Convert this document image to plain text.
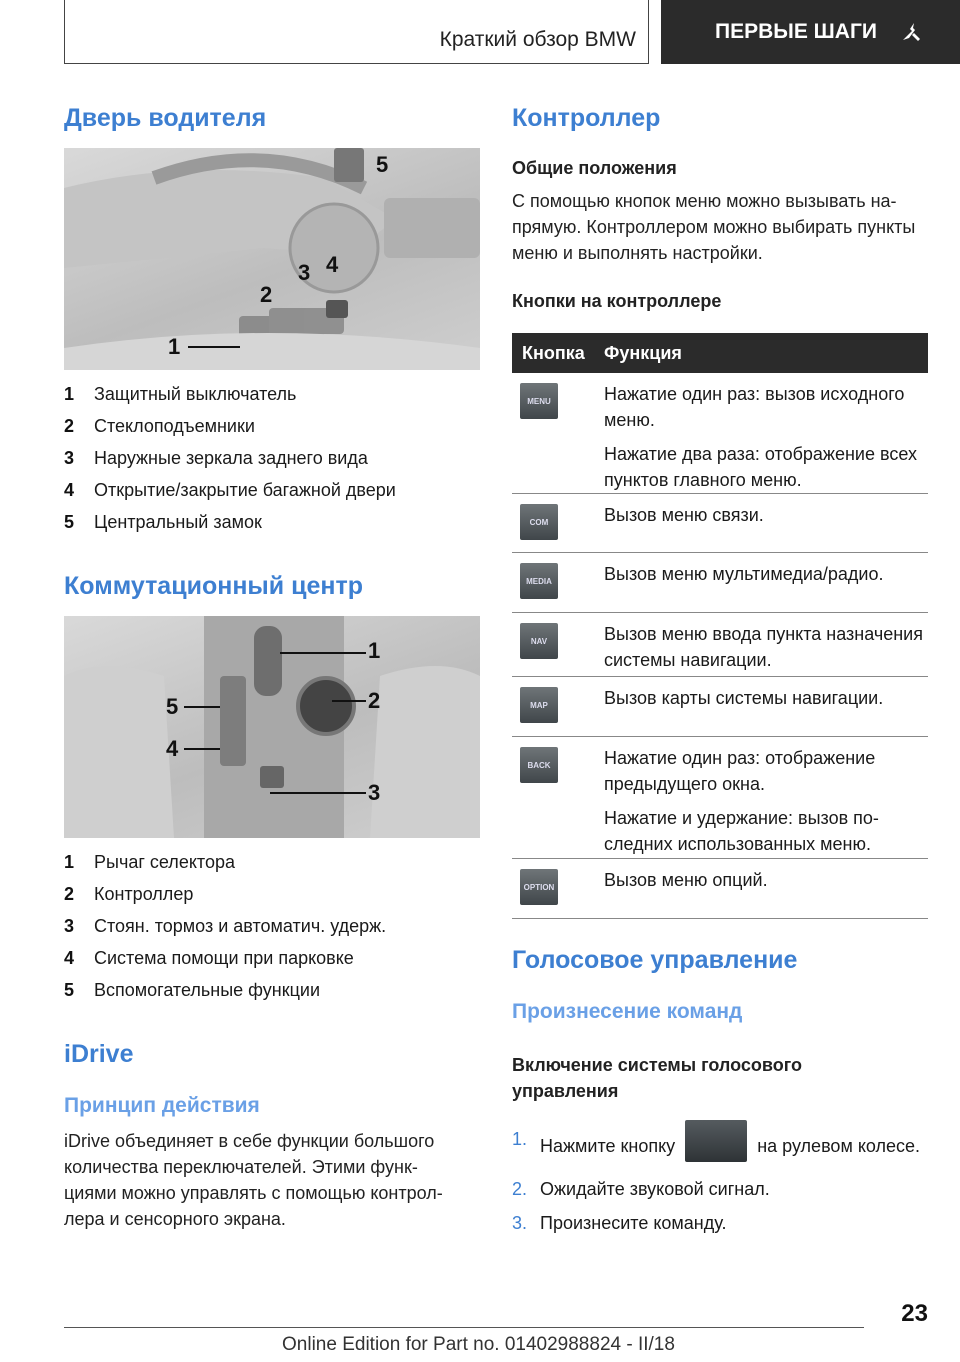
Краткий обзор BMW	ПЕРВЫЕ ШАГИ
Дверь водителя
1
2
3 4
5
1	Защитный выключатель
2	Стеклоподъемники
3	Наружные зеркала заднего вида
4	Открытие/закрытие багажной двери
5	Центральный замок
Коммутационный центр
1
2
3
4
5
1	Рычаг селектора
2	Контроллер
3	Стоян. тормоз и автоматич. удерж.
4	Система помощи при парковке
5	Вспомогательные функции
iDrive
Принцип действия
iDrive объединяет в себе функции большого количества переключателей. Этими функциями можно управлять с помощью контроллера и сенсорного экрана.
Контроллер
Общие положения
С помощью кнопок меню можно вызывать напрямую. Контроллером можно выбирать пункты меню и выполнять настройки.
Кнопки на контроллере
Кнопка	Функция
MENU	Нажатие один раз: вызов исходного меню.

Нажатие два раза: отображение всех пунктов главного меню.

COM	Вызов меню связи.

MEDIA	Вызов меню мультимедиа/радио.

NAV	Вызов меню ввода пункта назначения системы навигации.

MAP	Вызов карты системы навигации.

BACK	Нажатие один раз: отображение предыдущего окна.

Нажатие и удержание: вызов последних использованных меню.

OPTION	Вызов меню опций.

Голосовое управление
Произнесение команд
Включение системы голосового управления
1. Нажмите кнопку	на рулевом колесе.
2. Ожидайте звуковой сигнал.
3. Произнесите команду.
23
Online Edition for Part no. 01402988824 - II/18
